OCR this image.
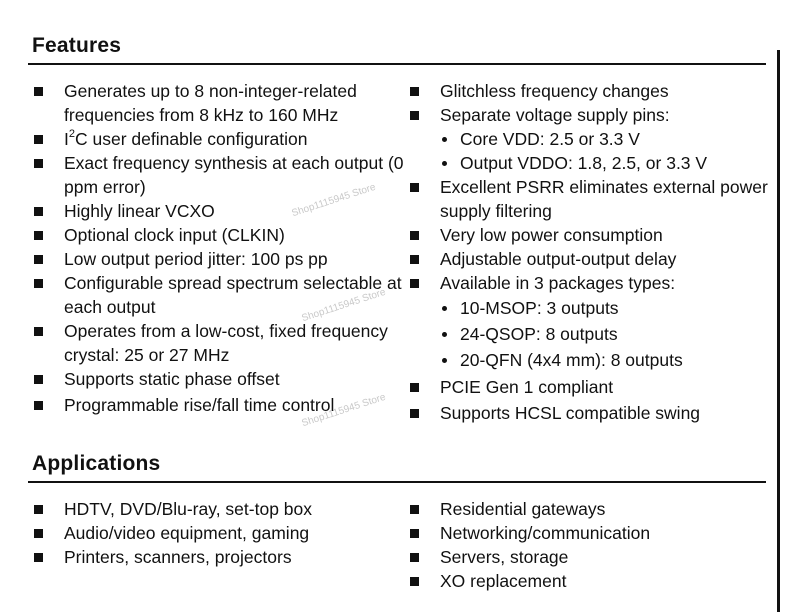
Features
Generates up to 8 non-integer-related frequencies from 8 kHz to 160 MHz
$I^2C$ user definable configuration
Exact frequency synthesis at each output (0 ppm error)
Highly linear VCXO
Optional clock input (CLKIN)
Low output period jitter: 100 ps pp
Configurable spread spectrum selectable at each output
Operates from a low-cost, fixed frequency crystal: 25 or 27 MHz
Supports static phase offset
Programmable rise/fall time control
Glitchless frequency changes
Separate voltage supply pins:
Core VDD: 2.5 or 3.3 V
Output VDDO: 1.8, 2.5, or 3.3 V
Excellent PSRR eliminates external power supply filtering
Very low power consumption
Adjustable output-output delay
Available in 3 packages types:
10-MSOP: 3 outputs
24-QSOP: 8 outputs
20-QFN (4x4 mm): 8 outputs
PCIE Gen 1 compliant
Supports HCSL compatible swing
Applications
HDTV, DVD/Blu-ray, set-top box
Audio/video equipment, gaming
Printers, scanners, projectors
Residential gateways
Networking/communication
Servers, storage
XO replacement
Shop1115945 Store
Shop1115945 Store
Shop1115945 Store
